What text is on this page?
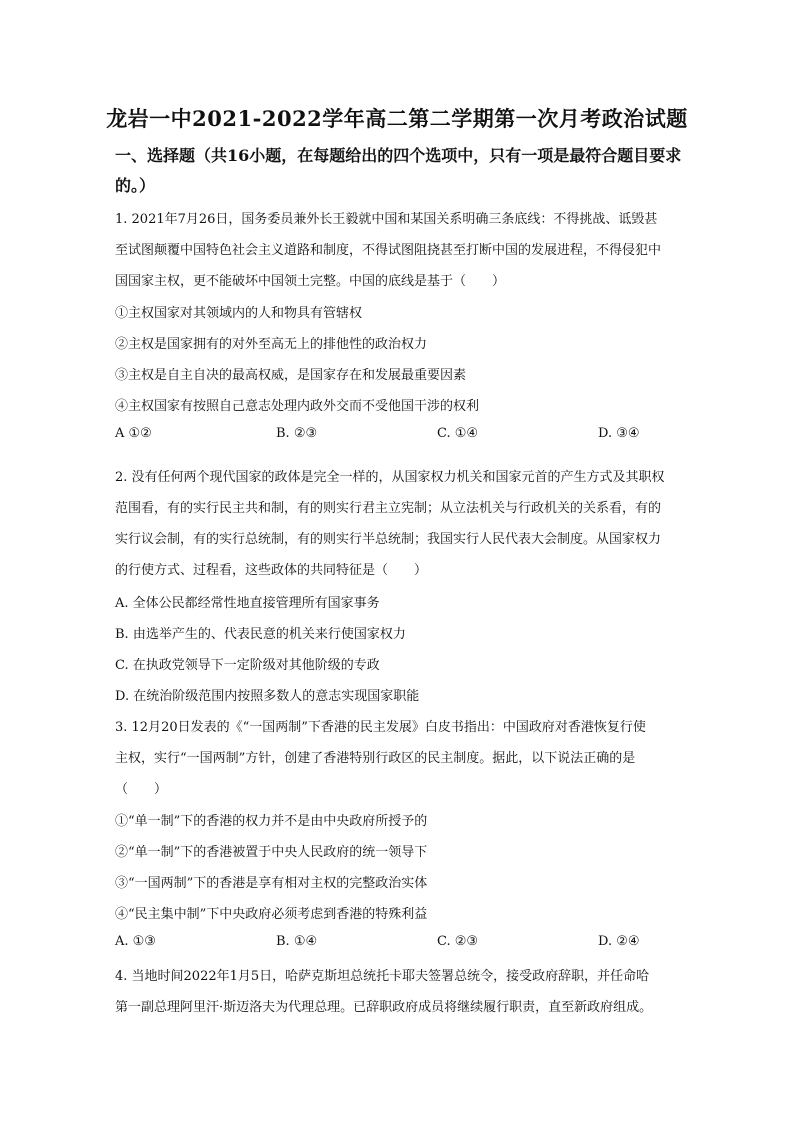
龙岩一中2021-2022学年高二第二学期第一次月考政治试题
一、选择题（共16小题，在每题给出的四个选项中，只有一项是最符合题目要求的。）
1. 2021年7月26日，国务委员兼外长王毅就中国和某国关系明确三条底线：不得挑战、诋毁甚
至试图颠覆中国特色社会主义道路和制度，不得试图阻挠甚至打断中国的发展进程，不得侵犯中
国国家主权，更不能破坏中国领土完整。中国的底线是基于（　　）
①主权国家对其领域内的人和物具有管辖权
②主权是国家拥有的对外至高无上的排他性的政治权力
③主权是自主自决的最高权威，是国家存在和发展最重要因素
④主权国家有按照自己意志处理内政外交而不受他国干涉的权利
A ①②	B. ②③	C. ①④	D. ③④
2. 没有任何两个现代国家的政体是完全一样的，从国家权力机关和国家元首的产生方式及其职权
范围看，有的实行民主共和制，有的则实行君主立宪制；从立法机关与行政机关的关系看，有的
实行议会制，有的实行总统制，有的则实行半总统制；我国实行人民代表大会制度。从国家权力
的行使方式、过程看，这些政体的共同特征是（　　）
A. 全体公民都经常性地直接管理所有国家事务
B. 由选举产生的、代表民意的机关来行使国家权力
C. 在执政党领导下一定阶级对其他阶级的专政
D. 在统治阶级范围内按照多数人的意志实现国家职能
3. 12月20日发表的《“一国两制”下香港的民主发展》白皮书指出：中国政府对香港恢复行使
主权，实行“一国两制”方针，创建了香港特别行政区的民主制度。据此，以下说法正确的是
（　　）
①“单一制”下的香港的权力并不是由中央政府所授予的
②“单一制”下的香港被置于中央人民政府的统一领导下
③“一国两制”下的香港是享有相对主权的完整政治实体
④“民主集中制”下中央政府必须考虑到香港的特殊利益
A. ①③	B. ①④	C. ②③	D. ②④
4. 当地时间2022年1月5日，哈萨克斯坦总统托卡耶夫签署总统令，接受政府辞职，并任命哈
第一副总理阿里汗·斯迈洛夫为代理总理。已辞职政府成员将继续履行职责，直至新政府组成。
